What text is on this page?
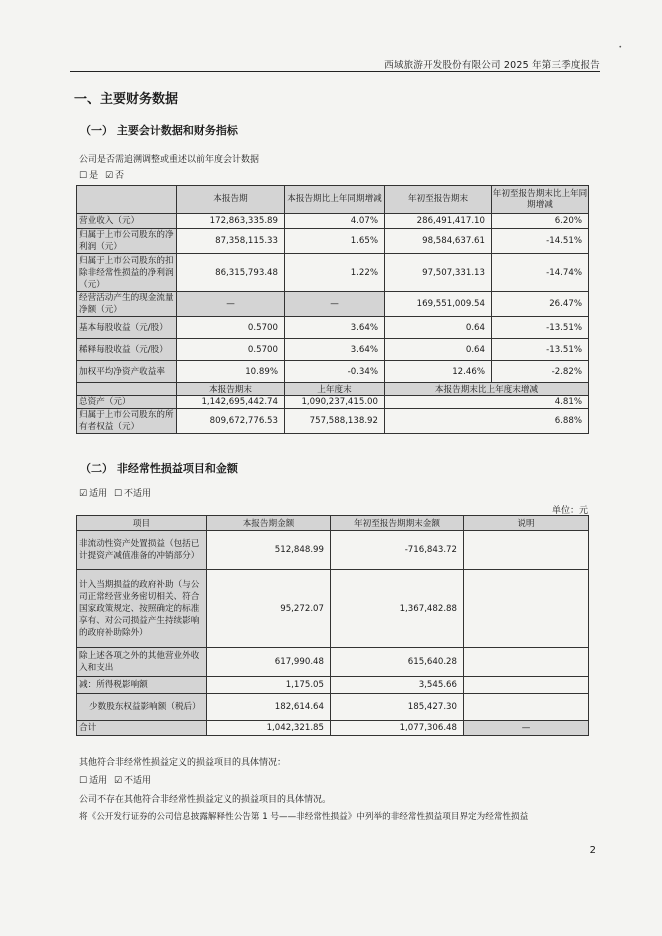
•
西域旅游开发股份有限公司 2025 年第三季度报告
一、主要财务数据
（一） 主要会计数据和财务指标
公司是否需追溯调整或重述以前年度会计数据
☐ 是 ☑ 否
	本报告期	本报告期比上年同期增减	年初至报告期末	年初至报告期末比上年同期增减
营业收入（元）	172,863,335.89	4.07%	286,491,417.10	6.20%
归属于上市公司股东的净利润（元）	87,358,115.33	1.65%	98,584,637.61	-14.51%
归属于上市公司股东的扣除非经常性损益的净利润（元）	86,315,793.48	1.22%	97,507,331.13	-14.74%
经营活动产生的现金流量净额（元）	—	—	169,551,009.54	26.47%
基本每股收益（元/股）	0.5700	3.64%	0.64	-13.51%
稀释每股收益（元/股）	0.5700	3.64%	0.64	-13.51%
加权平均净资产收益率	10.89%	-0.34%	12.46%	-2.82%
	本报告期末	上年度末	本报告期末比上年度末增减	
总资产（元）	1,142,695,442.74	1,090,237,415.00	4.81%	
归属于上市公司股东的所有者权益（元）	809,672,776.53	757,588,138.92	6.88%	
（二） 非经常性损益项目和金额
☑ 适用 ☐ 不适用
单位：元
项目	本报告期金额	年初至报告期期末金额	说明
非流动性资产处置损益（包括已计提资产减值准备的冲销部分）	512,848.99	-716,843.72	
计入当期损益的政府补助（与公司正常经营业务密切相关、符合国家政策规定、按照确定的标准享有、对公司损益产生持续影响的政府补助除外）	95,272.07	1,367,482.88	
除上述各项之外的其他营业外收入和支出	617,990.48	615,640.28	
减：所得税影响额	1,175.05	3,545.66	
少数股东权益影响额（税后）	182,614.64	185,427.30	
合计	1,042,321.85	1,077,306.48	—
其他符合非经常性损益定义的损益项目的具体情况：
☐ 适用 ☑ 不适用
公司不存在其他符合非经常性损益定义的损益项目的具体情况。
将《公开发行证券的公司信息披露解释性公告第 1 号——非经常性损益》中列举的非经常性损益项目界定为经常性损益
2
